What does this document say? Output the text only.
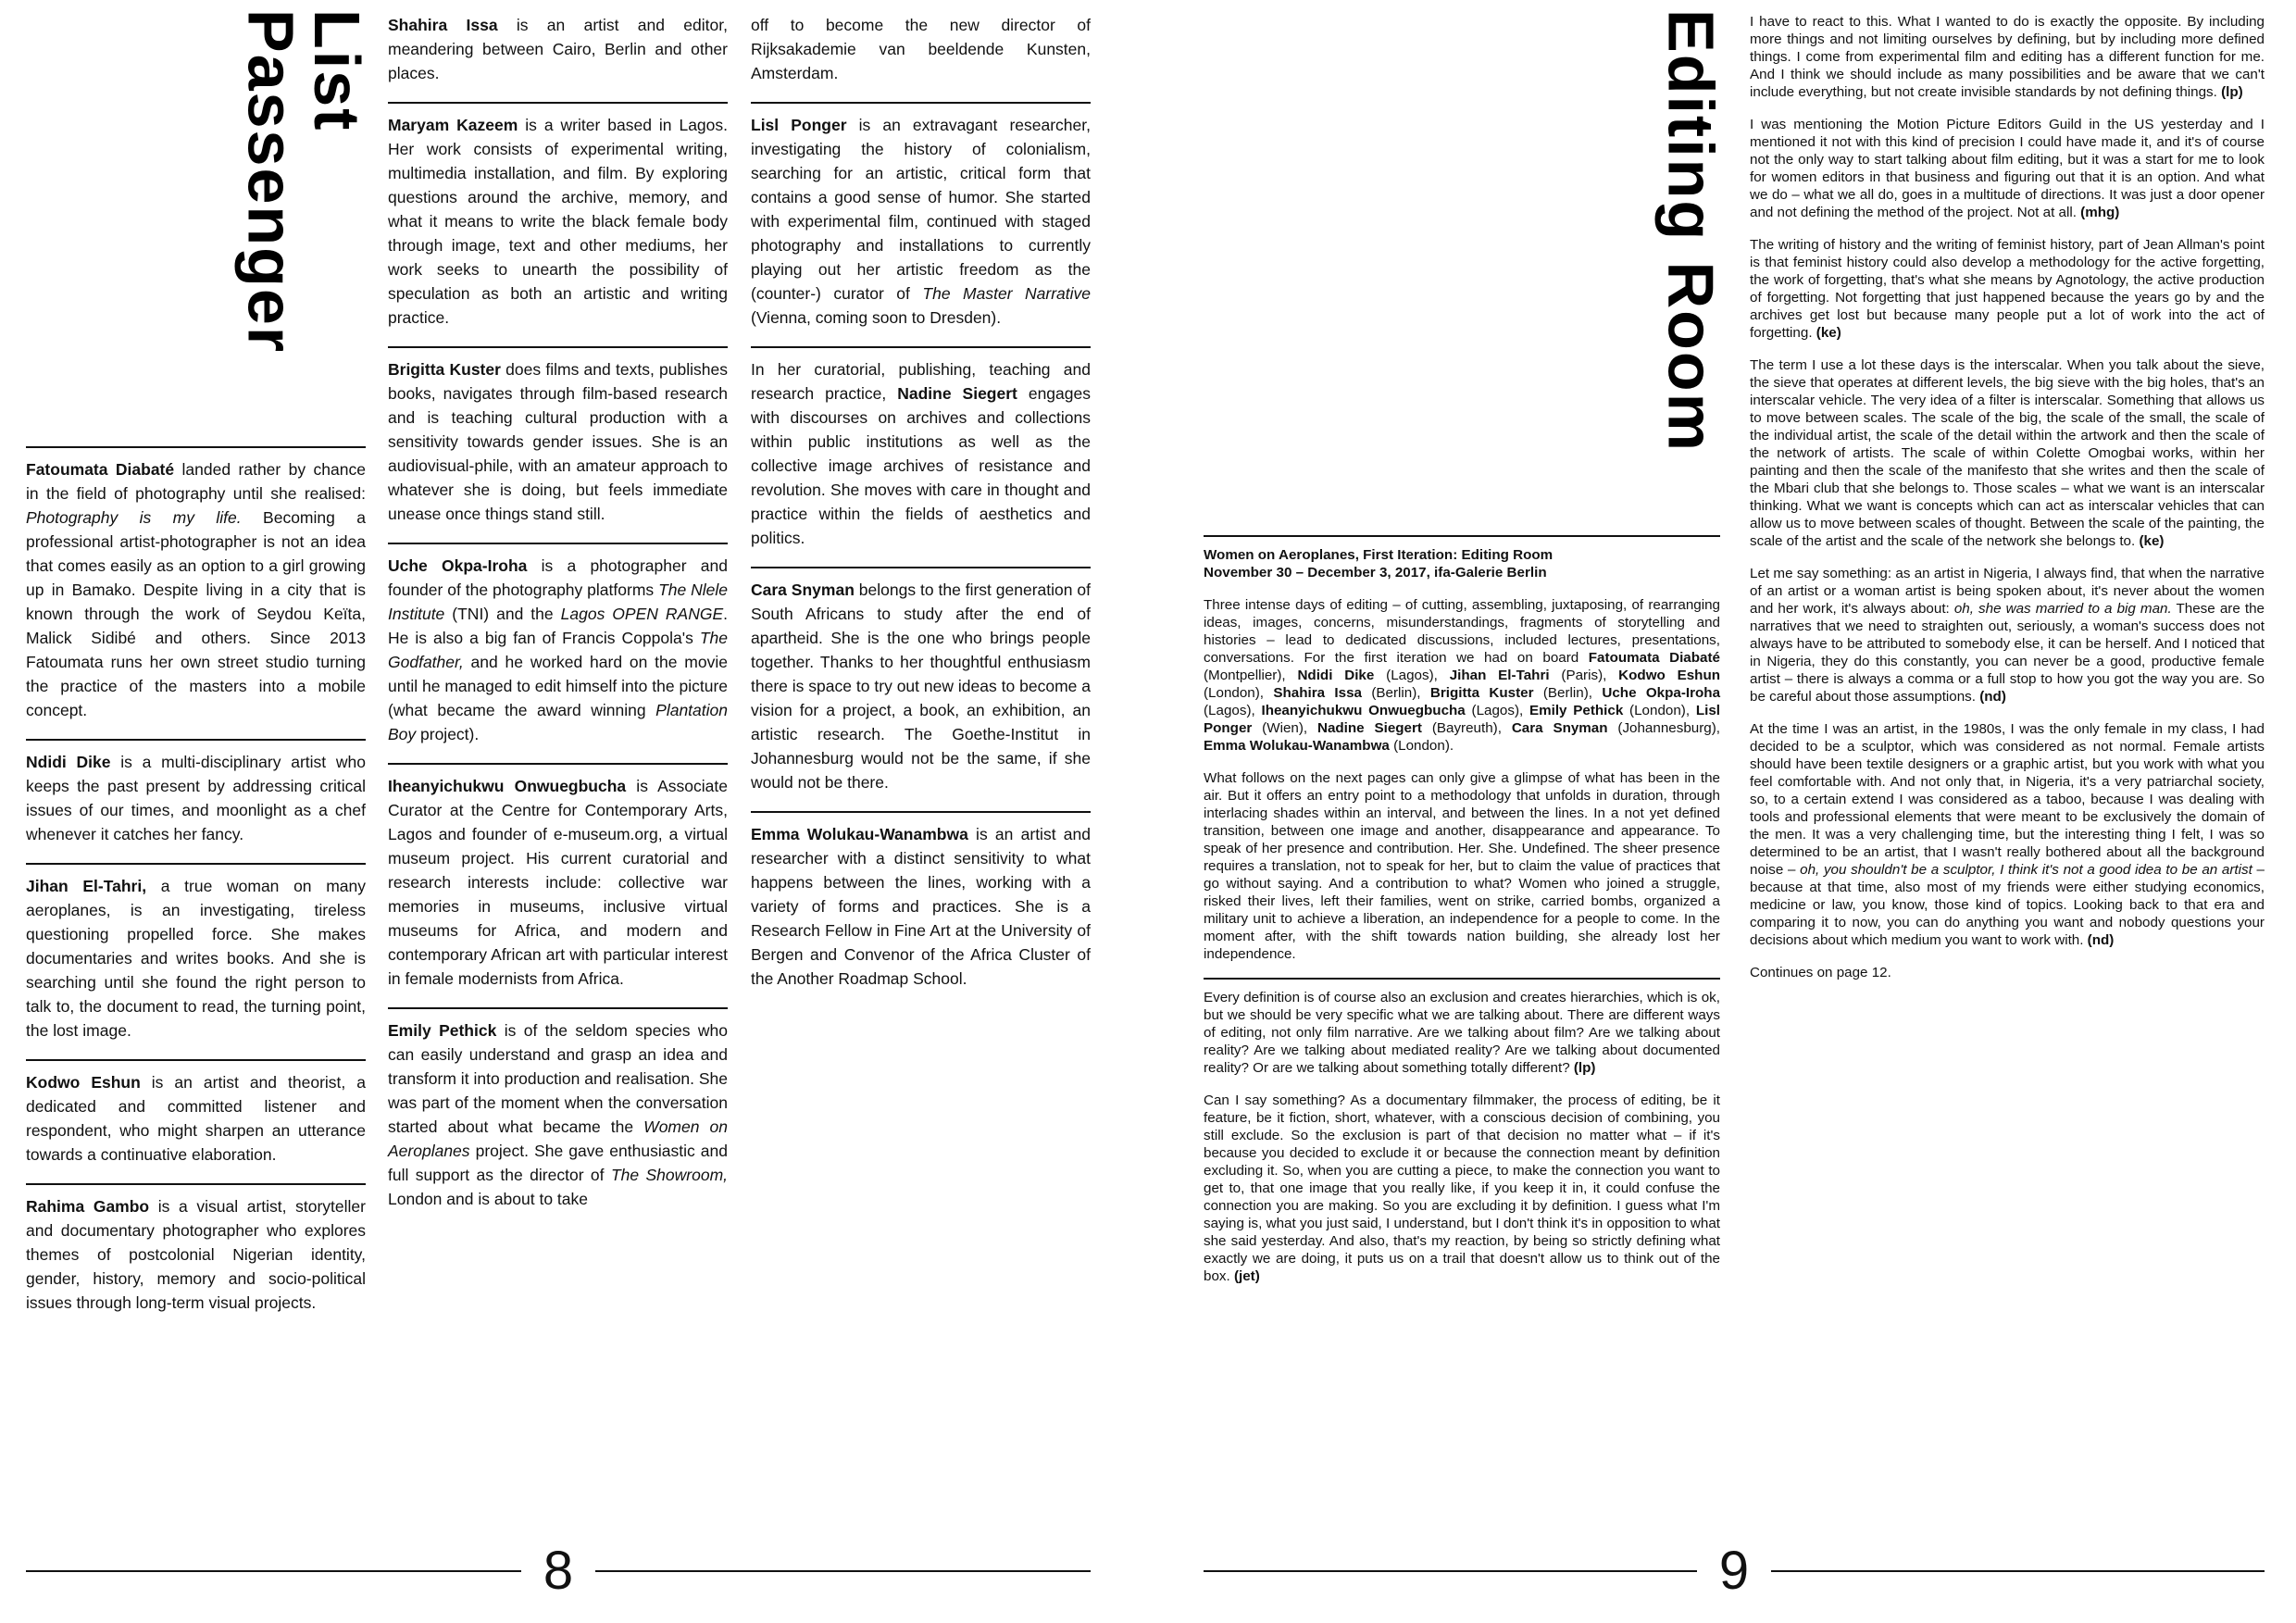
Passenger
List
Fatoumata Diabaté landed rather by chance in the field of photography until she realised: Photography is my life. Becoming a professional artist-photographer is not an idea that comes easily as an option to a girl growing up in Bamako. Despite living in a city that is known through the work of Seydou Keïta, Malick Sidibé and others. Since 2013 Fatoumata runs her own street studio turning the practice of the masters into a mobile concept.
Ndidi Dike is a multi-disciplinary artist who keeps the past present by addressing critical issues of our times, and moonlight as a chef whenever it catches her fancy.
Jihan El-Tahri, a true woman on many aeroplanes, is an investigating, tireless questioning propelled force. She makes documentaries and writes books. And she is searching until she found the right person to talk to, the document to read, the turning point, the lost image.
Kodwo Eshun is an artist and theorist, a dedicated and committed listener and respondent, who might sharpen an utterance towards a continuative elaboration.
Rahima Gambo is a visual artist, storyteller and documentary photographer who explores themes of postcolonial Nigerian identity, gender, history, memory and socio-political issues through long-term visual projects.
Shahira Issa is an artist and editor, meandering between Cairo, Berlin and other places.
Maryam Kazeem is a writer based in Lagos. Her work consists of experimental writing, multimedia installation, and film. By exploring questions around the archive, memory, and what it means to write the black female body through image, text and other mediums, her work seeks to unearth the possibility of speculation as both an artistic and writing practice.
Brigitta Kuster does films and texts, publishes books, navigates through film-based research and is teaching cultural production with a sensitivity towards gender issues. She is an audiovisual-phile, with an amateur approach to whatever she is doing, but feels immediate unease once things stand still.
Uche Okpa-Iroha is a photographer and founder of the photography platforms The Nlele Institute (TNI) and the Lagos OPEN RANGE. He is also a big fan of Francis Coppola's The Godfather, and he worked hard on the movie until he managed to edit himself into the picture (what became the award winning Plantation Boy project).
Iheanyichukwu Onwuegbucha is Associate Curator at the Centre for Contemporary Arts, Lagos and founder of e-museum.org, a virtual museum project. His current curatorial and research interests include: collective war memories in museums, inclusive virtual museums for Africa, and modern and contemporary African art with particular interest in female modernists from Africa.
Emily Pethick is of the seldom species who can easily understand and grasp an idea and transform it into production and realisation. She was part of the moment when the conversation started about what became the Women on Aeroplanes project. She gave enthusiastic and full support as the director of The Showroom, London and is about to take
off to become the new director of Rijksakademie van beeldende Kunsten, Amsterdam.
Lisl Ponger is an extravagant researcher, investigating the history of colonialism, searching for an artistic, critical form that contains a good sense of humor. She started with experimental film, continued with staged photography and installations to currently playing out her artistic freedom as the (counter-) curator of The Master Narrative (Vienna, coming soon to Dresden).
In her curatorial, publishing, teaching and research practice, Nadine Siegert engages with discourses on archives and collections within public institutions as well as the collective image archives of resistance and revolution. She moves with care in thought and practice within the fields of aesthetics and politics.
Cara Snyman belongs to the first generation of South Africans to study after the end of apartheid. She is the one who brings people together. Thanks to her thoughtful enthusiasm there is space to try out new ideas to become a vision for a project, a book, an exhibition, an artistic research. The Goethe-Institut in Johannesburg would not be the same, if she would not be there.
Emma Wolukau-Wanambwa is an artist and researcher with a distinct sensitivity to what happens between the lines, working with a variety of forms and practices. She is a Research Fellow in Fine Art at the University of Bergen and Convenor of the Africa Cluster of the Another Roadmap School.
8
Editing Room
Women on Aeroplanes, First Iteration: Editing Room
November 30 – December 3, 2017, ifa-Galerie Berlin
Three intense days of editing – of cutting, assembling, juxtaposing, of rearranging ideas, images, concerns, misunderstandings, fragments of storytelling and histories – lead to dedicated discussions, included lectures, presentations, conversations. For the first iteration we had on board Fatoumata Diabaté (Montpellier), Ndidi Dike (Lagos), Jihan El-Tahri (Paris), Kodwo Eshun (London), Shahira Issa (Berlin), Brigitta Kuster (Berlin), Uche Okpa-Iroha (Lagos), Iheanyichukwu Onwuegbucha (Lagos), Emily Pethick (London), Lisl Ponger (Wien), Nadine Siegert (Bayreuth), Cara Snyman (Johannesburg), Emma Wolukau-Wanambwa (London).
What follows on the next pages can only give a glimpse of what has been in the air. But it offers an entry point to a methodology that unfolds in duration, through interlacing shades within an interval, and between the lines. In a not yet defined transition, between one image and another, disappearance and appearance. To speak of her presence and contribution. Her. She. Undefined. The sheer presence requires a translation, not to speak for her, but to claim the value of practices that go without saying. And a contribution to what? Women who joined a struggle, risked their lives, left their families, went on strike, carried bombs, organized a military unit to achieve a liberation, an independence for a people to come. In the moment after, with the shift towards nation building, she already lost her independence.
Every definition is of course also an exclusion and creates hierarchies, which is ok, but we should be very specific what we are talking about. There are different ways of editing, not only film narrative. Are we talking about film? Are we talking about reality? Are we talking about mediated reality? Are we talking about documented reality? Or are we talking about something totally different? (lp)
Can I say something? As a documentary filmmaker, the process of editing, be it feature, be it fiction, short, whatever, with a conscious decision of combining, you still exclude. So the exclusion is part of that decision no matter what – if it's because you decided to exclude it or because the connection meant by definition excluding it. So, when you are cutting a piece, to make the connection you want to get to, that one image that you really like, if you keep it in, it could confuse the connection you are making. So you are excluding it by definition. I guess what I'm saying is, what you just said, I understand, but I don't think it's in opposition to what she said yesterday. And also, that's my reaction, by being so strictly defining what exactly we are doing, it puts us on a trail that doesn't allow us to think out of the box. (jet)
I have to react to this. What I wanted to do is exactly the opposite. By including more things and not limiting ourselves by defining, but by including more defined things. I come from experimental film and editing has a different function for me. And I think we should include as many possibilities and be aware that we can't include everything, but not create invisible standards by not defining things. (lp)
I was mentioning the Motion Picture Editors Guild in the US yesterday and I mentioned it not with this kind of precision I could have made it, and it's of course not the only way to start talking about film editing, but it was a start for me to look for women editors in that business and figuring out that it is an option. And what we do – what we all do, goes in a multitude of directions. It was just a door opener and not defining the method of the project. Not at all. (mhg)
The writing of history and the writing of feminist history, part of Jean Allman's point is that feminist history could also develop a methodology for the active forgetting, the work of forgetting, that's what she means by Agnotology, the active production of forgetting. Not forgetting that just happened because the years go by and the archives get lost but because many people put a lot of work into the act of forgetting. (ke)
The term I use a lot these days is the interscalar. When you talk about the sieve, the sieve that operates at different levels, the big sieve with the big holes, that's an interscalar vehicle. The very idea of a filter is interscalar. Something that allows us to move between scales. The scale of the big, the scale of the small, the scale of the individual artist, the scale of the detail within the artwork and then the scale of the network of artists. The scale of within Colette Omogbai works, within her painting and then the scale of the manifesto that she writes and then the scale of the Mbari club that she belongs to. Those scales – what we want is an interscalar thinking. What we want is concepts which can act as interscalar vehicles that can allow us to move between scales of thought. Between the scale of the painting, the scale of the artist and the scale of the network she belongs to. (ke)
Let me say something: as an artist in Nigeria, I always find, that when the narrative of an artist or a woman artist is being spoken about, it's never about the women and her work, it's always about: oh, she was married to a big man. These are the narratives that we need to straighten out, seriously, a woman's success does not always have to be attributed to somebody else, it can be herself. And I noticed that in Nigeria, they do this constantly, you can never be a good, productive female artist – there is always a comma or a full stop to how you got the way you are. So be careful about those assumptions. (nd)
At the time I was an artist, in the 1980s, I was the only female in my class, I had decided to be a sculptor, which was considered as not normal. Female artists should have been textile designers or a graphic artist, but you work with what you feel comfortable with. And not only that, in Nigeria, it's a very patriarchal society, so, to a certain extend I was considered as a taboo, because I was dealing with tools and professional elements that were meant to be exclusively the domain of the men. It was a very challenging time, but the interesting thing I felt, I was so determined to be an artist, that I wasn't really bothered about all the background noise – oh, you shouldn't be a sculptor, I think it's not a good idea to be an artist – because at that time, also most of my friends were either studying economics, medicine or law, you know, those kind of topics. Looking back to that era and comparing it to now, you can do anything you want and nobody questions your decisions about which medium you want to work with. (nd)
Continues on page 12.
9
